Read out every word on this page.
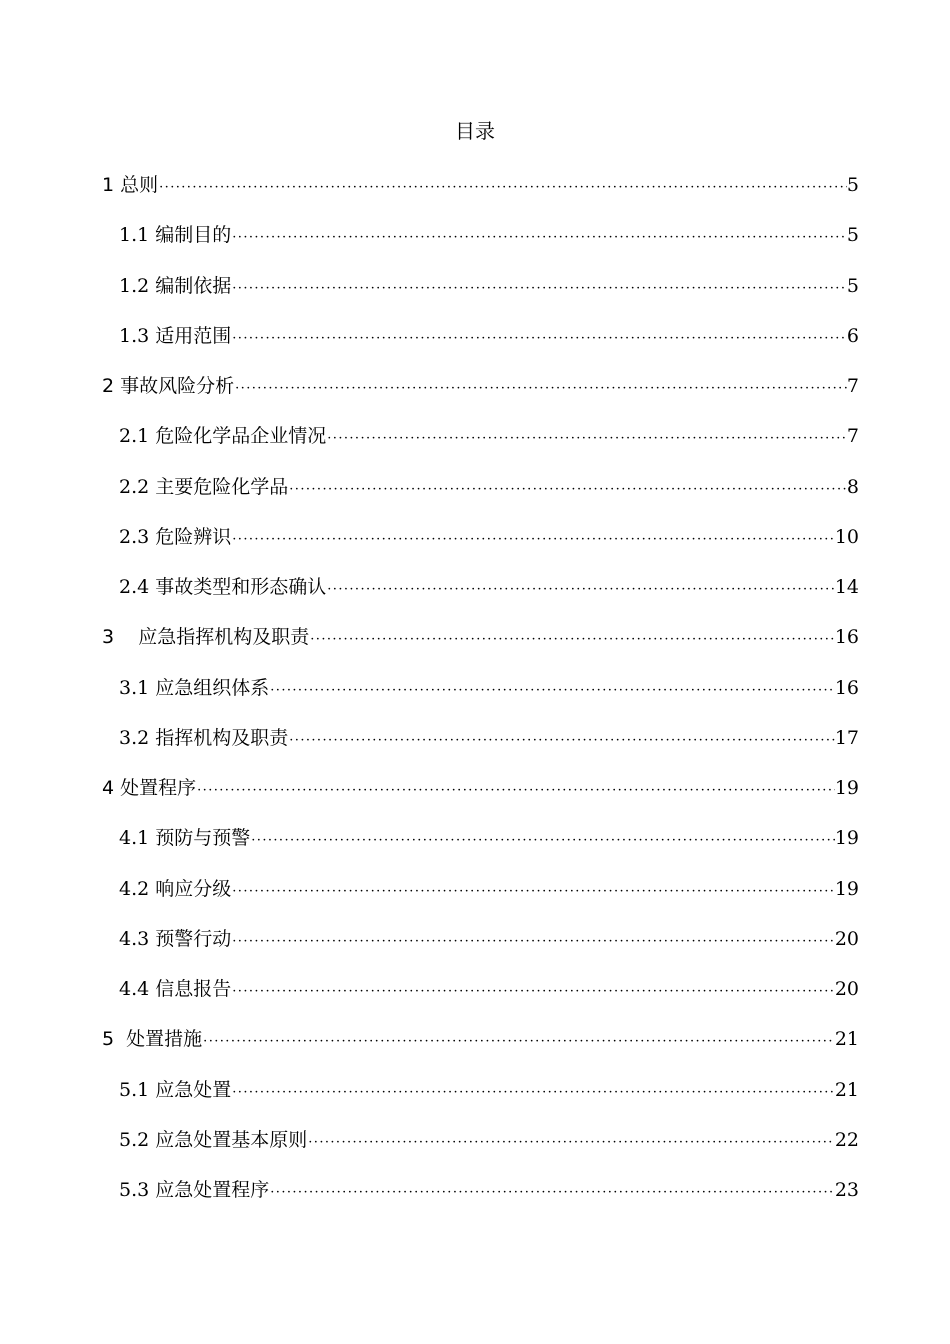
目录
1 总则 ·····	5
1.1 编制目的 ·····	5
1.2 编制依据 ·····	5
1.3 适用范围 ·····	6
2 事故风险分析 ·····	7
2.1 危险化学品企业情况 ·····	7
2.2 主要危险化学品 ·····	8
2.3 危险辨识 ·····	10
2.4 事故类型和形态确认 ·····	14
3    应急指挥机构及职责 ·····	16
3.1 应急组织体系 ·····	16
3.2 指挥机构及职责 ·····	17
4 处置程序 ·····	19
4.1 预防与预警 ·····	19
4.2 响应分级 ·····	19
4.3 预警行动 ·····	20
4.4 信息报告 ·····	20
5  处置措施 ·····	21
5.1 应急处置 ·····	21
5.2 应急处置基本原则 ·····	22
5.3 应急处置程序 ·····	23
